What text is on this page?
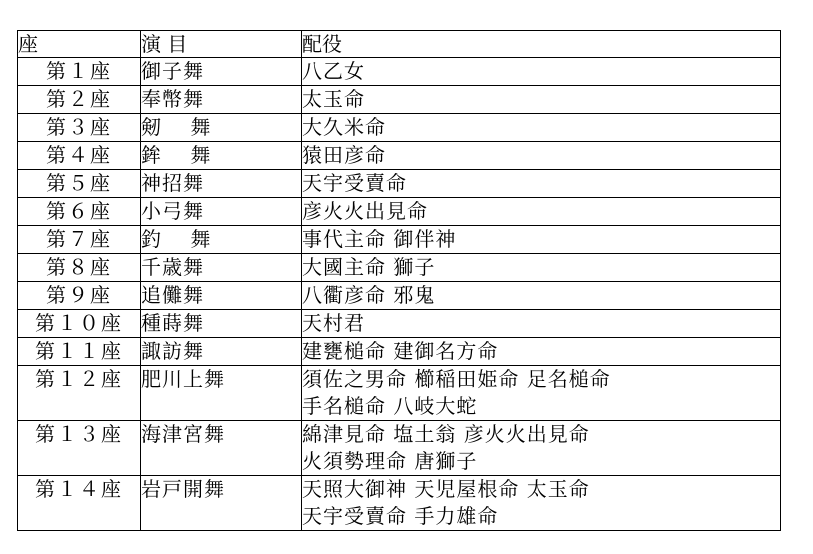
座	演 目	配役
第１座	御子舞	八乙女

第２座	奉幣舞	太玉命

第３座	剱　 舞	大久米命

第４座	鉾　 舞	猿田彦命

第５座	神招舞	天宇受賣命

第６座	小弓舞	彦火火出見命

第７座	釣　 舞	事代主命 御伴神

第８座	千歳舞	大國主命 獅子

第９座	追儺舞	八衢彦命 邪鬼

第１０座	種蒔舞	天村君

第１１座	諏訪舞	建甕槌命 建御名方命

第１２座	肥川上舞	須佐之男命 櫛稲田姫命 足名槌命
手名槌命 八岐大蛇

第１３座	海津宮舞	綿津見命 塩土翁 彦火火出見命
火須勢理命 唐獅子

第１４座	岩戸開舞	天照大御神 天児屋根命 太玉命
天宇受賣命 手力雄命
